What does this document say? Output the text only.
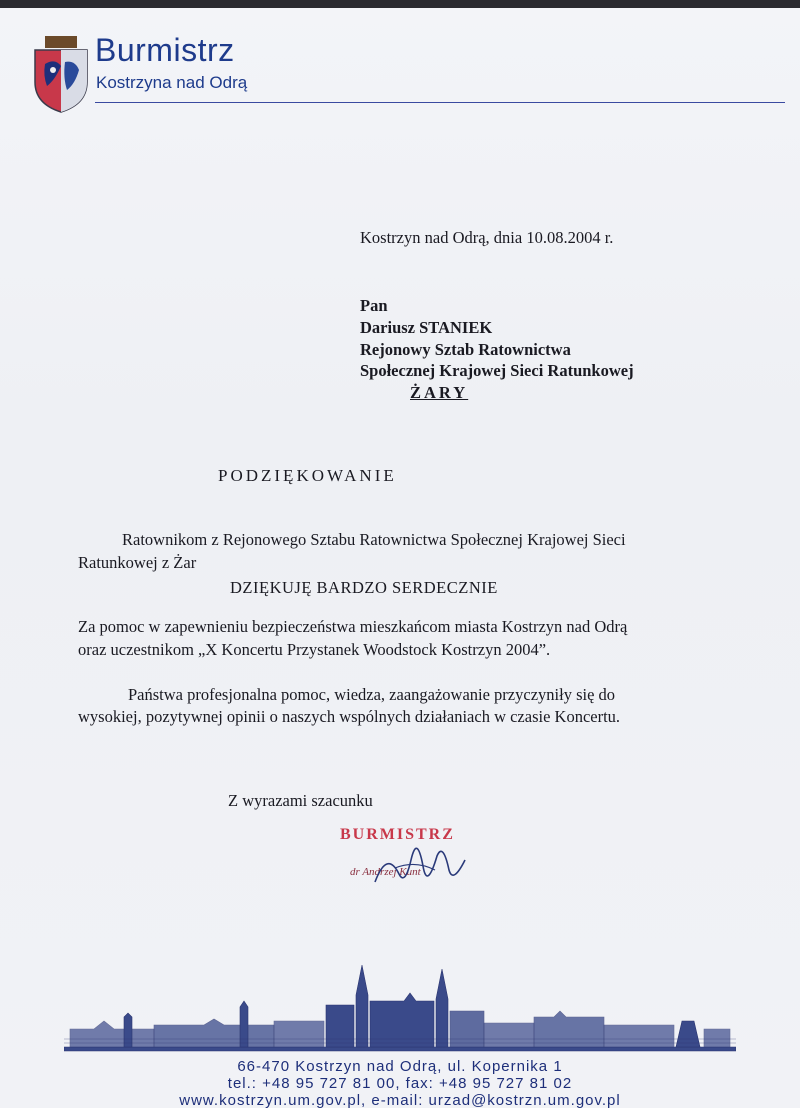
Burmistrz
Kostrzyna nad Odrą
Kostrzyn nad Odrą, dnia 10.08.2004 r.
Pan
Dariusz STANIEK
Rejonowy Sztab Ratownictwa
Społecznej Krajowej Sieci Ratunkowej
ŻARY
PODZIĘKOWANIE
Ratownikom z Rejonowego Sztabu Ratownictwa Społecznej Krajowej Sieci
Ratunkowej z Żar
DZIĘKUJĘ BARDZO SERDECZNIE
Za pomoc w zapewnieniu bezpieczeństwa mieszkańcom miasta Kostrzyn nad Odrą
oraz uczestnikom „X Koncertu Przystanek Woodstock Kostrzyn 2004”.
Państwa profesjonalna pomoc, wiedza, zaangażowanie przyczyniły się do
wysokiej, pozytywnej opinii o naszych wspólnych działaniach w czasie Koncertu.
Z wyrazami szacunku
BURMISTRZ
dr Andrzej Kunt
66-470 Kostrzyn nad Odrą, ul. Kopernika 1
tel.: +48 95 727 81 00, fax: +48 95 727 81 02
www.kostrzyn.um.gov.pl, e-mail: urzad@kostrzn.um.gov.pl
